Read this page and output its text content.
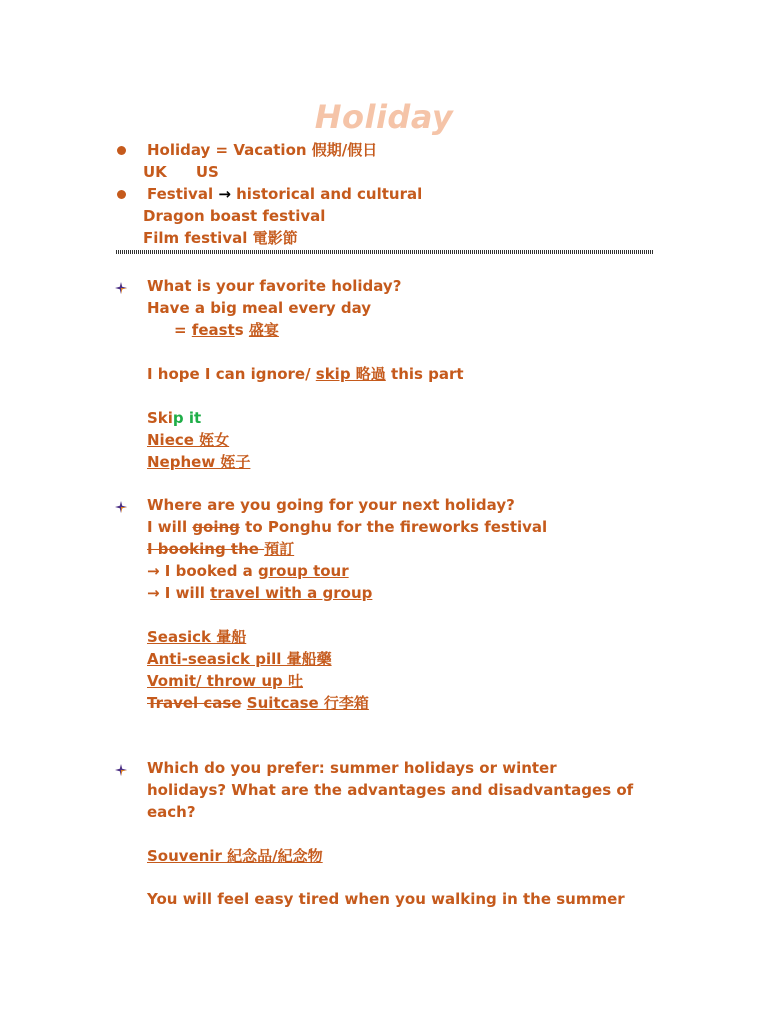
Holiday
Holiday = Vacation 假期/假日
UK US
Festival → historical and cultural
Dragon boast festival
Film festival 電影節
What is your favorite holiday?
Have a big meal every day
= feasts 盛宴
I hope I can ignore/ skip 略過 this part
Skip it
Niece 姪女
Nephew 姪子
Where are you going for your next holiday?
I will going to Ponghu for the fireworks festival
I booking the 預訂
→ I booked a group tour
→ I will travel with a group
Seasick 暈船
Anti-seasick pill 暈船藥
Vomit/ throw up 吐
Travel case Suitcase 行李箱
Which do you prefer: summer holidays or winter
holidays? What are the advantages and disadvantages of
each?
Souvenir 紀念品/紀念物
You will feel easy tired when you walking in the summer
